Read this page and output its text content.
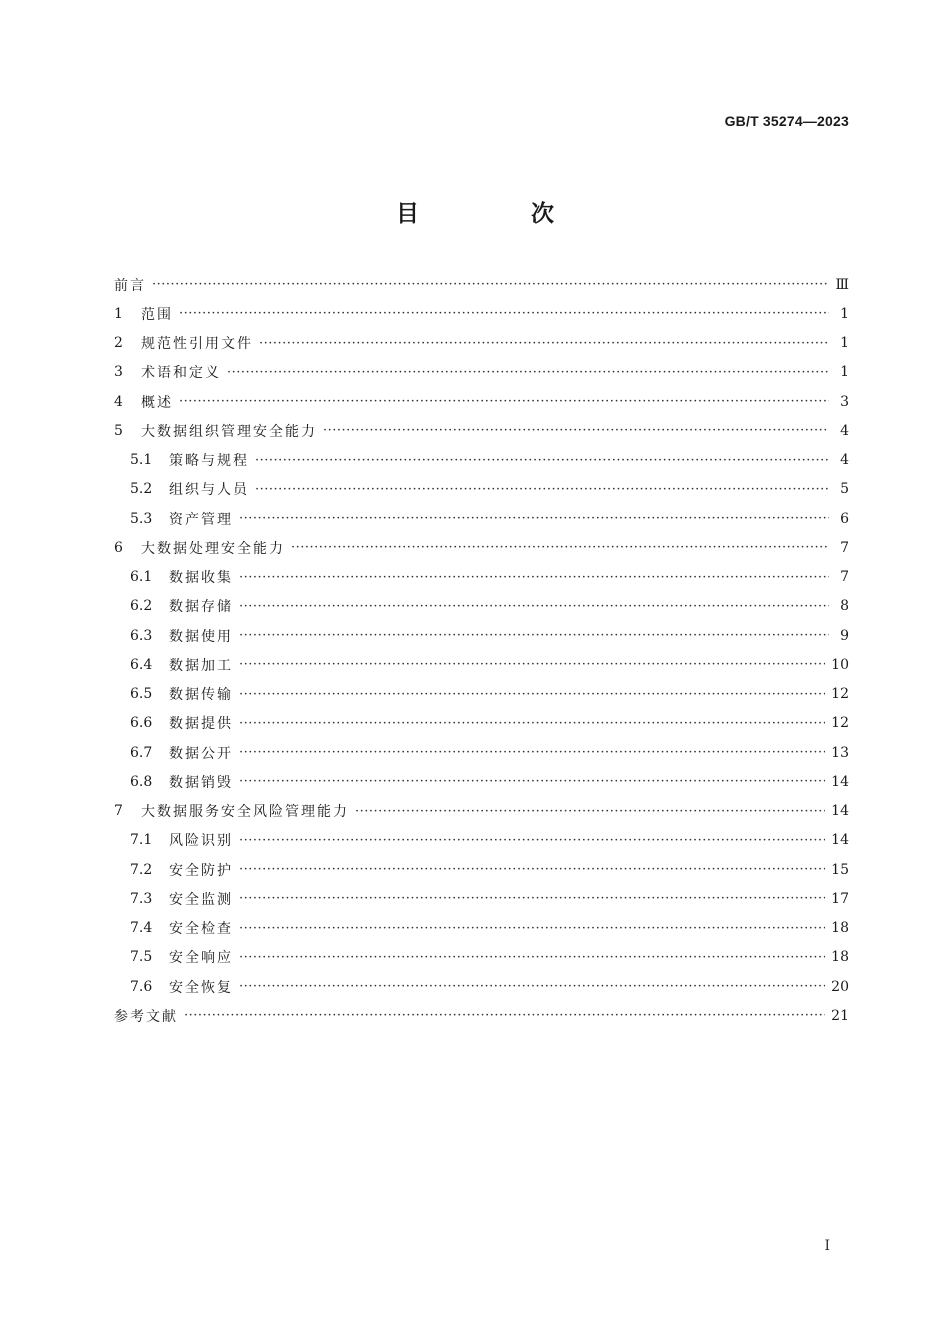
GB/T 35274—2023
目 次
前言 ·····	Ⅲ
1	范围 ·····	1
2	规范性引用文件 ·····	1
3	术语和定义 ·····	1
4	概述 ·····	3
5	大数据组织管理安全能力 ·····	4
5.1	策略与规程 ·····	4
5.2	组织与人员 ·····	5
5.3	资产管理 ·····	6
6	大数据处理安全能力 ·····	7
6.1	数据收集 ·····	7
6.2	数据存储 ·····	8
6.3	数据使用 ·····	9
6.4	数据加工 ·····	10
6.5	数据传输 ·····	12
6.6	数据提供 ·····	12
6.7	数据公开 ·····	13
6.8	数据销毁 ·····	14
7	大数据服务安全风险管理能力 ·····	14
7.1	风险识别 ·····	14
7.2	安全防护 ·····	15
7.3	安全监测 ·····	17
7.4	安全检查 ·····	18
7.5	安全响应 ·····	18
7.6	安全恢复 ·····	20
参考文献 ·····	21
Ⅰ
